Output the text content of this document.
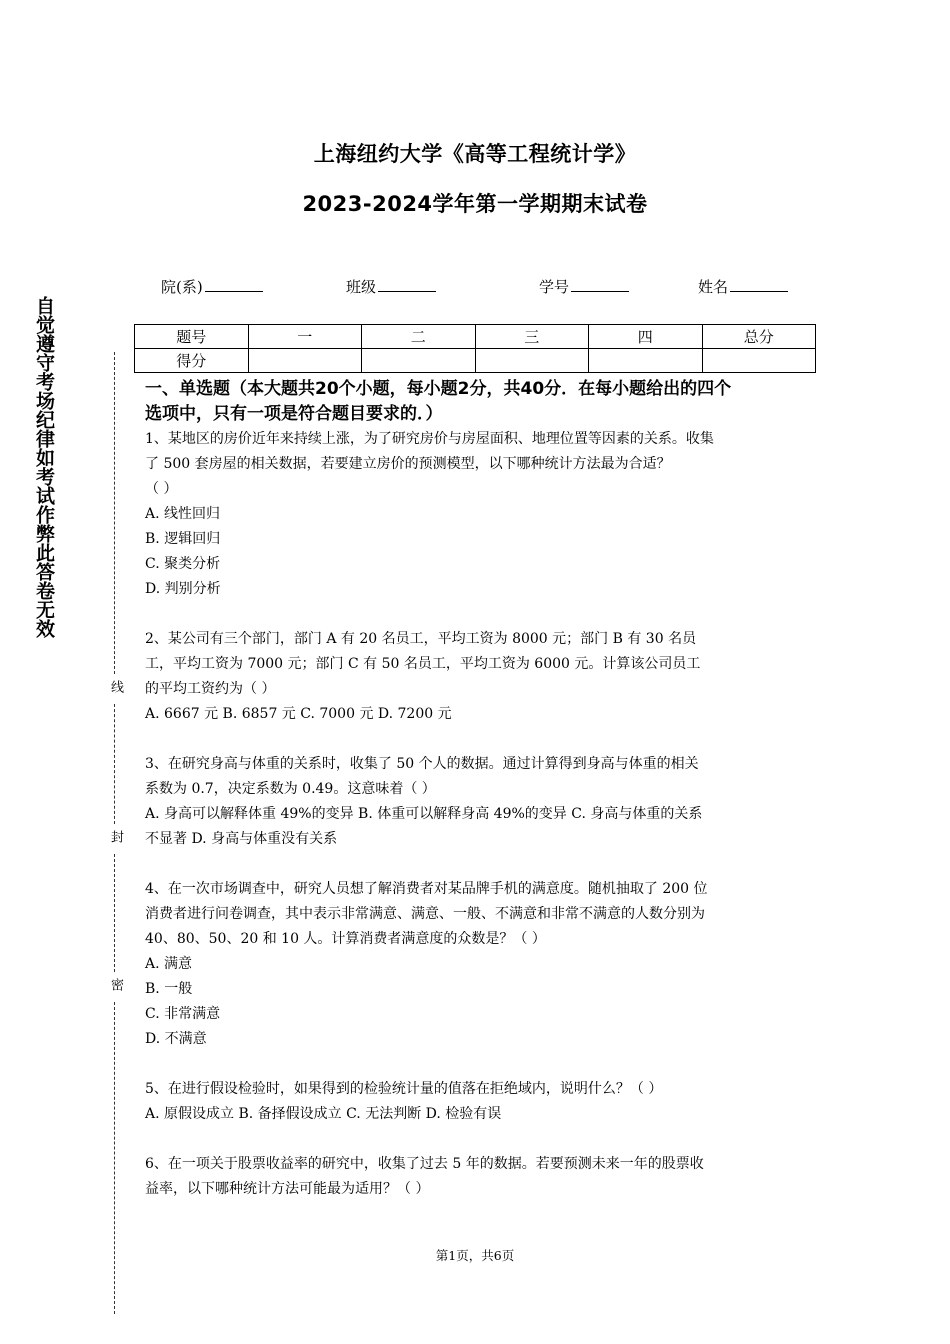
上海纽约大学《高等工程统计学》
2023-2024学年第一学期期末试卷
院(系)	班级	学号	姓名
题号	一	二	三	四	总分
得分					
自觉遵守考场纪律如考试作弊此答卷无效
线
封
密
一、单选题（本大题共20个小题，每小题2分，共40分．在每小题给出的四个
选项中，只有一项是符合题目要求的．）
1、某地区的房价近年来持续上涨，为了研究房价与房屋面积、地理位置等因素的关系。收集
了 500 套房屋的相关数据，若要建立房价的预测模型，以下哪种统计方法最为合适？
（ ）
A. 线性回归
B. 逻辑回归
C. 聚类分析
D. 判别分析
2、某公司有三个部门，部门 A 有 20 名员工，平均工资为 8000 元；部门 B 有 30 名员
工，平均工资为 7000 元；部门 C 有 50 名员工，平均工资为 6000 元。计算该公司员工
的平均工资约为（ ）
A. 6667 元 B. 6857 元 C. 7000 元 D. 7200 元
3、在研究身高与体重的关系时，收集了 50 个人的数据。通过计算得到身高与体重的相关
系数为 0.7，决定系数为 0.49。这意味着（ ）
A. 身高可以解释体重 49%的变异 B. 体重可以解释身高 49%的变异 C. 身高与体重的关系
不显著 D. 身高与体重没有关系
4、在一次市场调查中，研究人员想了解消费者对某品牌手机的满意度。随机抽取了 200 位
消费者进行问卷调查，其中表示非常满意、满意、一般、不满意和非常不满意的人数分别为
40、80、50、20 和 10 人。计算消费者满意度的众数是？（ ）
A. 满意
B. 一般
C. 非常满意
D. 不满意
5、在进行假设检验时，如果得到的检验统计量的值落在拒绝域内，说明什么？（ ）
A. 原假设成立 B. 备择假设成立 C. 无法判断 D. 检验有误
6、在一项关于股票收益率的研究中，收集了过去 5 年的数据。若要预测未来一年的股票收
益率，以下哪种统计方法可能最为适用？（ ）
第1页，共6页
